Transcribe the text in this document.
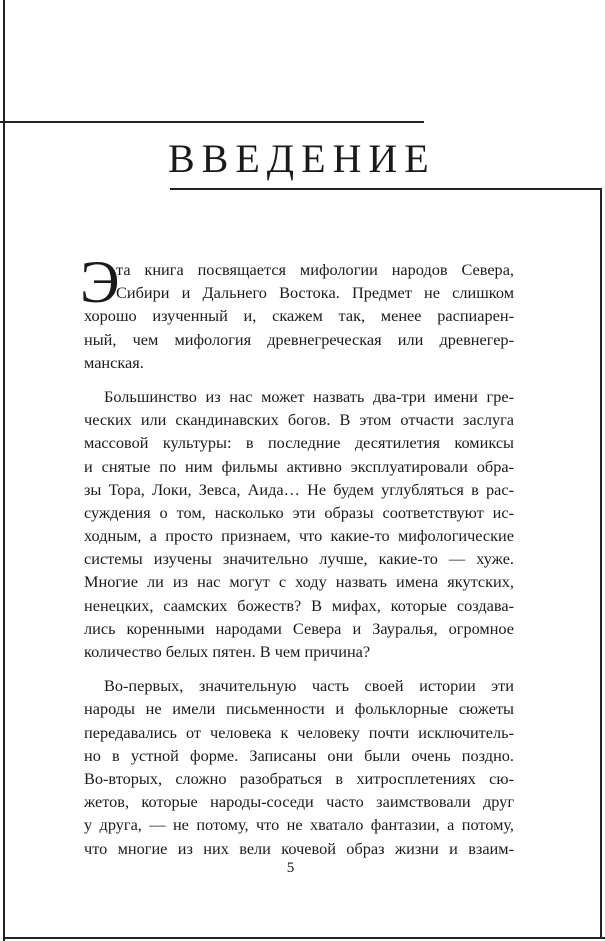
ВВЕДЕНИЕ
Э
та книга посвящается мифологии народов Севера,
Сибири и Дальнего Востока. Предмет не слишком
хорошо изученный и, скажем так, менее распиарен-
ный, чем мифология древнегреческая или древнегер-
манская.
Большинство из нас может назвать два-три имени гре-
ческих или скандинавских богов. В этом отчасти заслуга
массовой культуры: в последние десятилетия комиксы
и снятые по ним фильмы активно эксплуатировали обра-
зы Тора, Локи, Зевса, Аида… Не будем углубляться в рас-
суждения о том, насколько эти образы соответствуют ис-
ходным, а просто признаем, что какие-то мифологические
системы изучены значительно лучше, какие-то — хуже.
Многие ли из нас могут с ходу назвать имена якутских,
ненецких, саамских божеств? В мифах, которые создава-
лись коренными народами Севера и Зауралья, огромное
количество белых пятен. В чем причина?
Во-первых, значительную часть своей истории эти
народы не имели письменности и фольклорные сюжеты
передавались от человека к человеку почти исключитель-
но в устной форме. Записаны они были очень поздно.
Во-вторых, сложно разобраться в хитросплетениях сю-
жетов, которые народы-соседи часто заимствовали друг
у друга, — не потому, что не хватало фантазии, а потому,
что многие из них вели кочевой образ жизни и взаим-
5
